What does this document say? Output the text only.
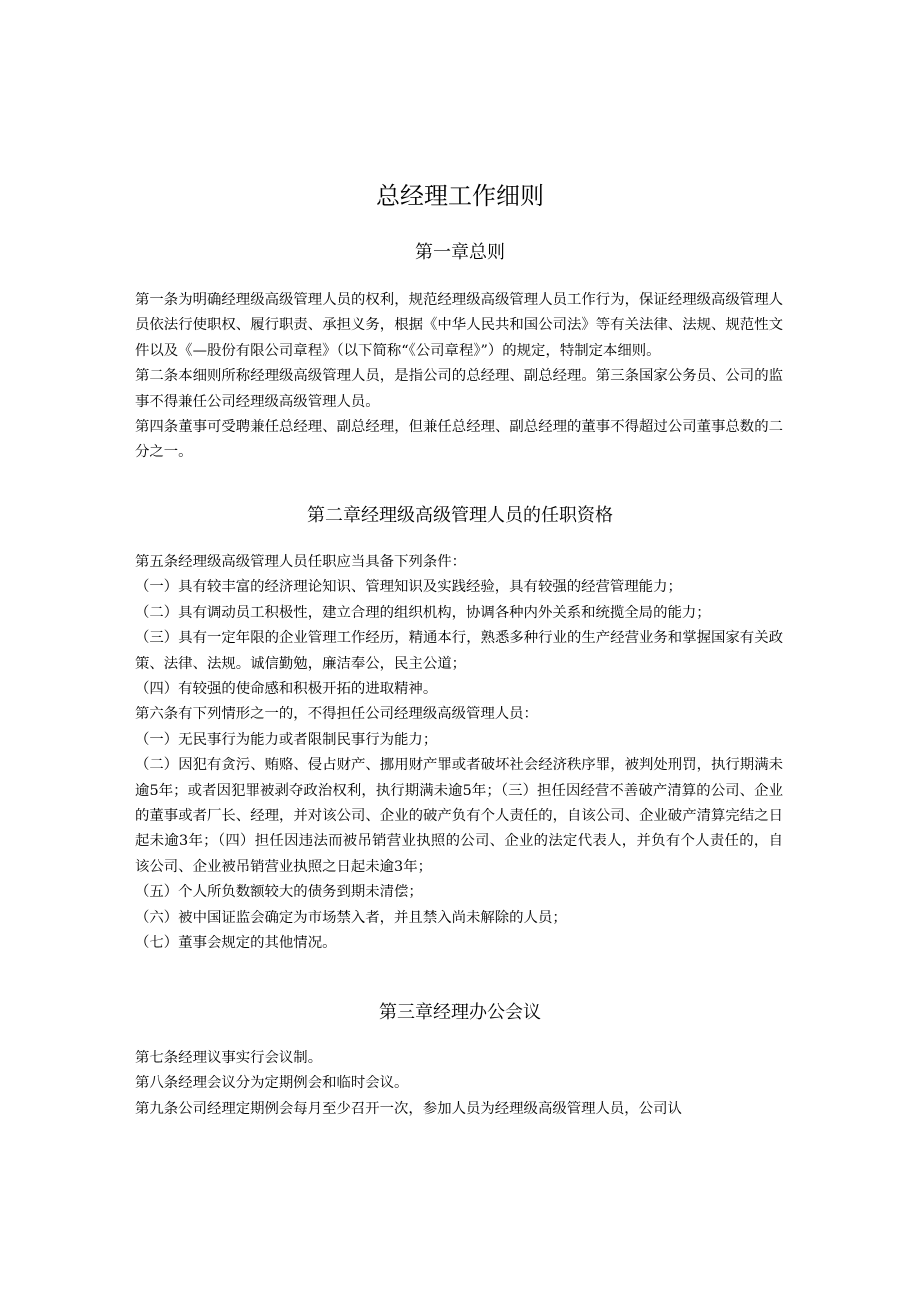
总经理工作细则
第一章总则

第一条为明确经理级高级管理人员的权利，规范经理级高级管理人员工作行为，保证经理级高级管理人员依法行使职权、履行职责、承担义务，根据《中华人民共和国公司法》等有关法律、法规、规范性文件以及《—股份有限公司章程》（以下简称“《公司章程》”）的规定，特制定本细则。

第二条本细则所称经理级高级管理人员，是指公司的总经理、副总经理。第三条国家公务员、公司的监事不得兼任公司经理级高级管理人员。

第四条董事可受聘兼任总经理、副总经理，但兼任总经理、副总经理的董事不得超过公司董事总数的二分之一。

第二章经理级高级管理人员的任职资格

第五条经理级高级管理人员任职应当具备下列条件：

（一）具有较丰富的经济理论知识、管理知识及实践经验，具有较强的经营管理能力；

（二）具有调动员工积极性，建立合理的组织机构，协调各种内外关系和统揽全局的能力；

（三）具有一定年限的企业管理工作经历，精通本行，熟悉多种行业的生产经营业务和掌握国家有关政策、法律、法规。诚信勤勉，廉洁奉公，民主公道；

（四）有较强的使命感和积极开拓的进取精神。

第六条有下列情形之一的，不得担任公司经理级高级管理人员：

（一）无民事行为能力或者限制民事行为能力；

（二）因犯有贪污、贿赂、侵占财产、挪用财产罪或者破坏社会经济秩序罪，被判处刑罚，执行期满未逾5年；或者因犯罪被剥夺政治权利，执行期满未逾5年；（三）担任因经营不善破产清算的公司、企业的董事或者厂长、经理，并对该公司、企业的破产负有个人责任的，自该公司、企业破产清算完结之日起未逾3年；（四）担任因违法而被吊销营业执照的公司、企业的法定代表人，并负有个人责任的，自该公司、企业被吊销营业执照之日起未逾3年；

（五）个人所负数额较大的债务到期未清偿；

（六）被中国证监会确定为市场禁入者，并且禁入尚未解除的人员；

（七）董事会规定的其他情况。

第三章经理办公会议

第七条经理议事实行会议制。

第八条经理会议分为定期例会和临时会议。

第九条公司经理定期例会每月至少召开一次，参加人员为经理级高级管理人员，公司认
